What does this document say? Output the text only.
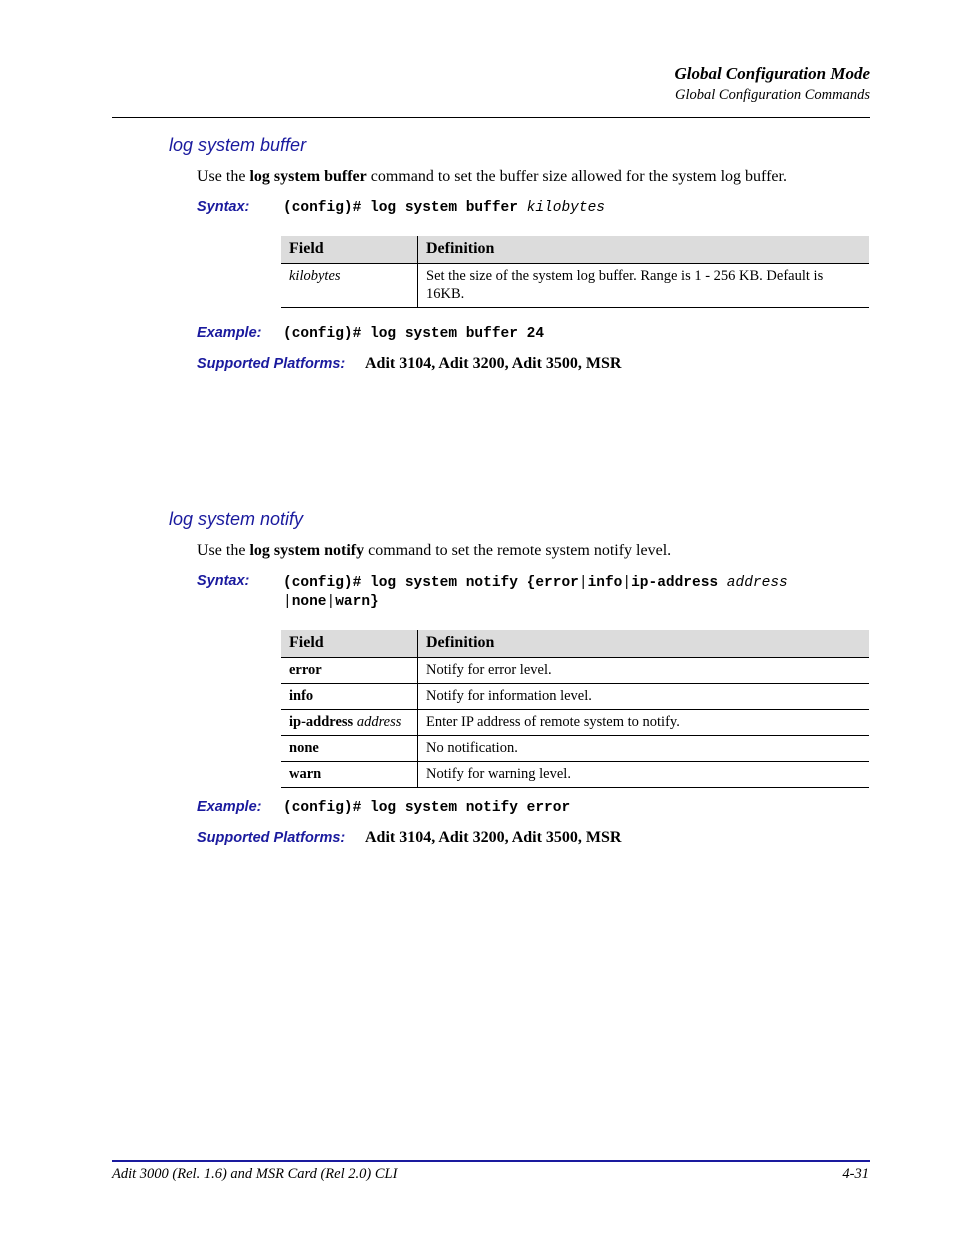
Global Configuration Mode
Global Configuration Commands
log system buffer
Use the log system buffer command to set the buffer size allowed for the system log buffer.
Syntax: (config)# log system buffer kilobytes
Field	Definition
kilobytes	Set the size of the system log buffer. Range is 1 - 256 KB. Default is 16KB.
Example: (config)# log system buffer 24
Supported Platforms: Adit 3104, Adit 3200, Adit 3500, MSR
log system notify
Use the log system notify command to set the remote system notify level.
Syntax: (config)# log system notify {error|info|ip-address address
|none|warn}
Field	Definition
error	Notify for error level.
info	Notify for information level.
ip-address address	Enter IP address of remote system to notify.
none	No notification.
warn	Notify for warning level.
Example: (config)# log system notify error
Supported Platforms: Adit 3104, Adit 3200, Adit 3500, MSR
Adit 3000 (Rel. 1.6) and MSR Card (Rel 2.0) CLI	4-31
